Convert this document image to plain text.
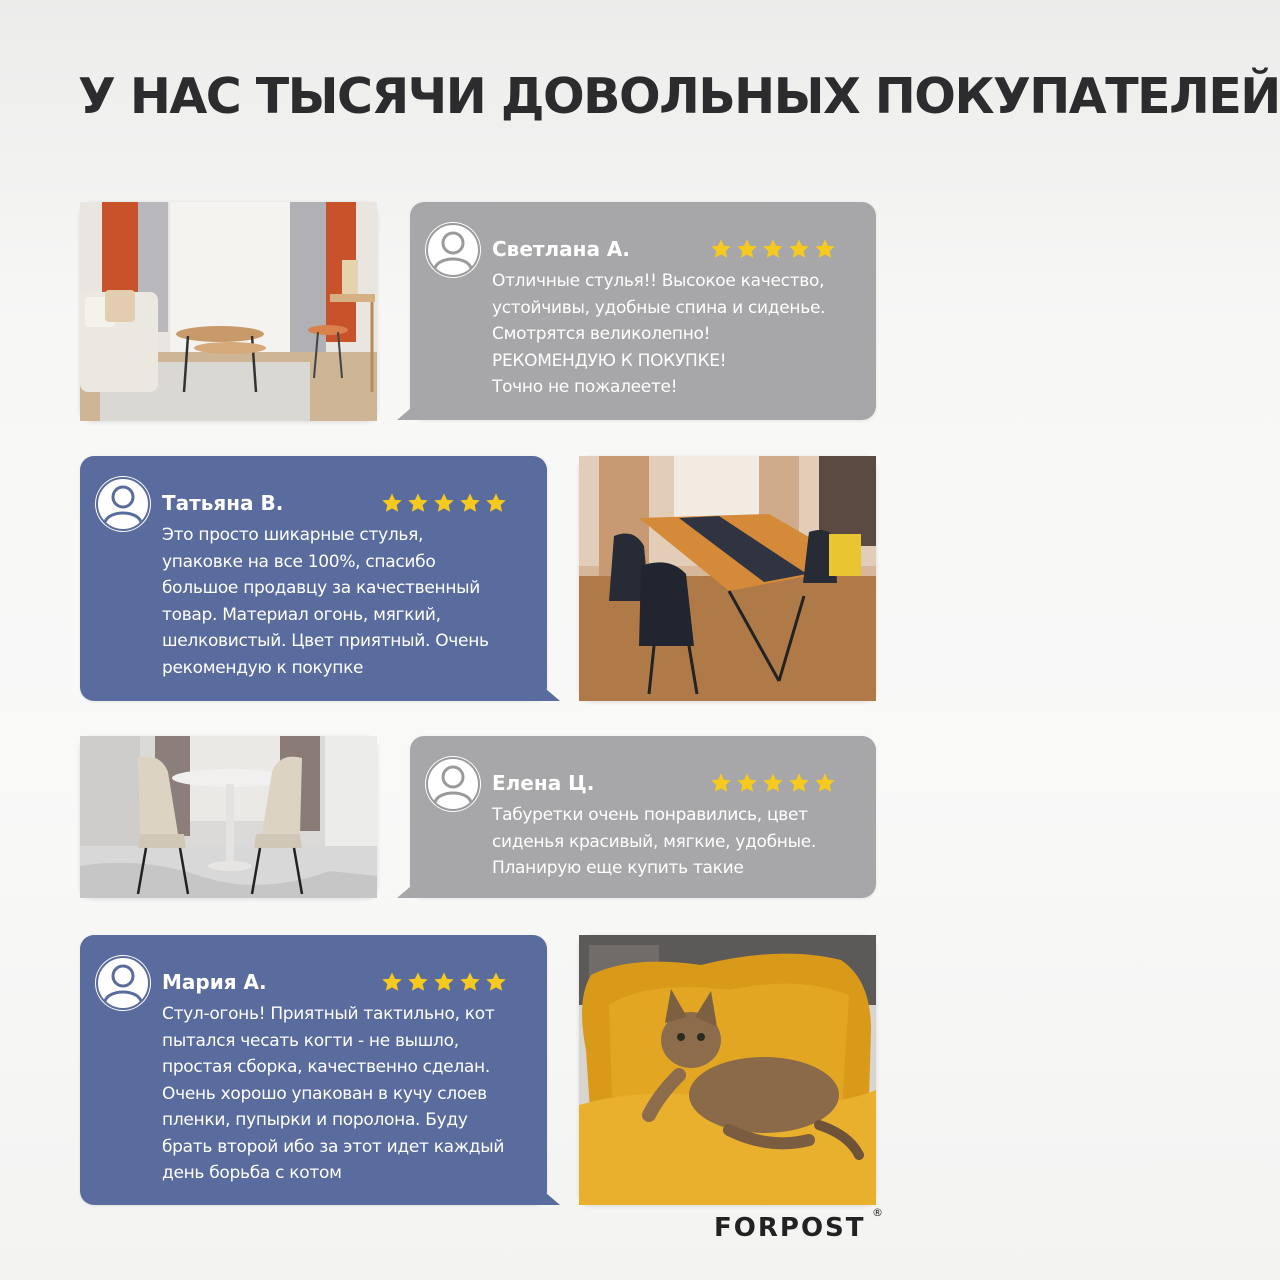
У НАС ТЫСЯЧИ ДОВОЛЬНЫХ ПОКУПАТЕЛЕЙ
Светлана А.

Отличные стулья!! Высокое качество,
устойчивы, удобные спина и сиденье.
Смотрятся великолепно!
РЕКОМЕНДУЮ К ПОКУПКЕ!
Точно не пожалеете!

Татьяна В.

Это просто шикарные стулья,
упаковке на все 100%, спасибо
большое продавцу за качественный
товар. Материал огонь, мягкий,
шелковистый. Цвет приятный. Очень
рекомендую к покупке

Елена Ц.

Табуретки очень понравились, цвет
сиденья красивый, мягкие, удобные.
Планирую еще купить такие

Мария А.

Стул-огонь! Приятный тактильно, кот
пытался чесать когти - не вышло,
простая сборка, качественно сделан.
Очень хорошо упакован в кучу слоев
пленки, пупырки и поролона. Буду
брать второй ибо за этот идет каждый
день борьба с котом

FORPOST
®
